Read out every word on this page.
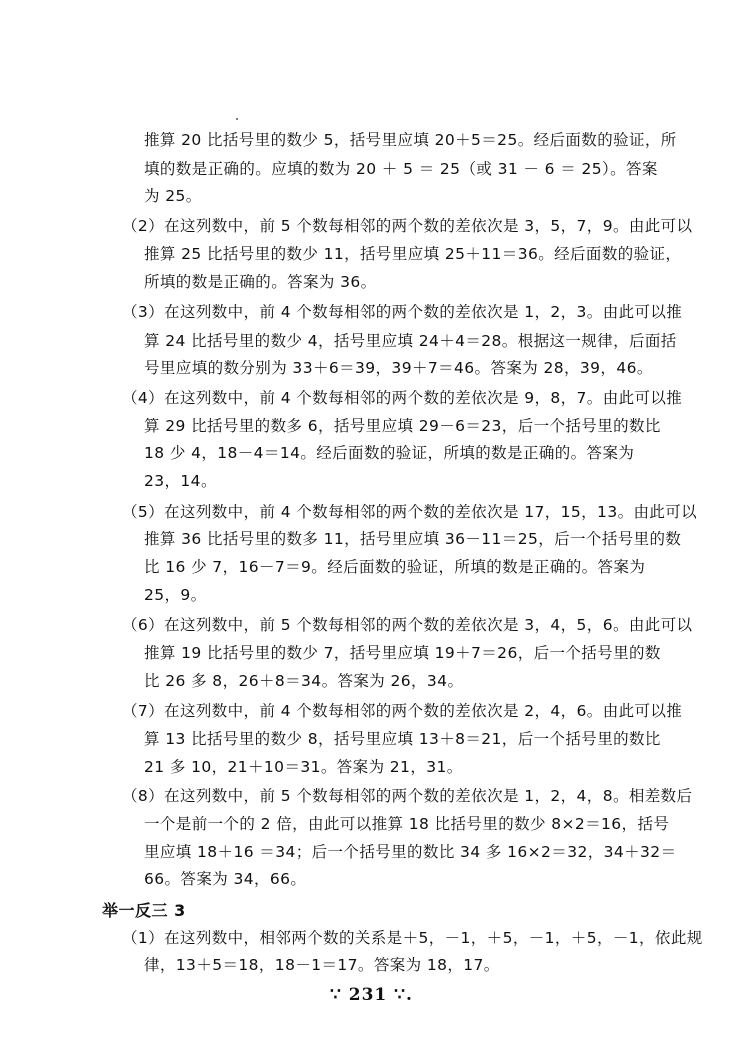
推算 20 比括号里的数少 5，括号里应填 20＋5＝25。经后面数的验证，所
填的数是正确的。应填的数为 20 ＋ 5 ＝ 25（或 31 － 6 ＝ 25）。答案
为 25。
（2）在这列数中，前 5 个数每相邻的两个数的差依次是 3，5，7，9。由此可以
推算 25 比括号里的数少 11，括号里应填 25＋11＝36。经后面数的验证，
所填的数是正确的。答案为 36。
（3）在这列数中，前 4 个数每相邻的两个数的差依次是 1，2，3。由此可以推
算 24 比括号里的数少 4，括号里应填 24＋4＝28。根据这一规律，后面括
号里应填的数分别为 33＋6＝39，39＋7＝46。答案为 28，39，46。
（4）在这列数中，前 4 个数每相邻的两个数的差依次是 9，8，7。由此可以推
算 29 比括号里的数多 6，括号里应填 29－6＝23，后一个括号里的数比
18 少 4，18－4＝14。经后面数的验证，所填的数是正确的。答案为
23，14。
（5）在这列数中，前 4 个数每相邻的两个数的差依次是 17，15，13。由此可以
推算 36 比括号里的数多 11，括号里应填 36－11＝25，后一个括号里的数
比 16 少 7，16－7＝9。经后面数的验证，所填的数是正确的。答案为
25，9。
（6）在这列数中，前 5 个数每相邻的两个数的差依次是 3，4，5，6。由此可以
推算 19 比括号里的数少 7，括号里应填 19＋7＝26，后一个括号里的数
比 26 多 8，26＋8＝34。答案为 26，34。
（7）在这列数中，前 4 个数每相邻的两个数的差依次是 2，4，6。由此可以推
算 13 比括号里的数少 8，括号里应填 13＋8＝21，后一个括号里的数比
21 多 10，21＋10＝31。答案为 21，31。
（8）在这列数中，前 5 个数每相邻的两个数的差依次是 1，2，4，8。相差数后
一个是前一个的 2 倍，由此可以推算 18 比括号里的数少 8×2＝16，括号
里应填 18＋16 ＝34；后一个括号里的数比 34 多 16×2＝32，34＋32＝
66。答案为 34，66。
举一反三 3
（1）在这列数中，相邻两个数的关系是＋5，－1，＋5，－1，＋5，－1，依此规
律，13＋5＝18，18－1＝17。答案为 18，17。
∵ 231 ∵.
